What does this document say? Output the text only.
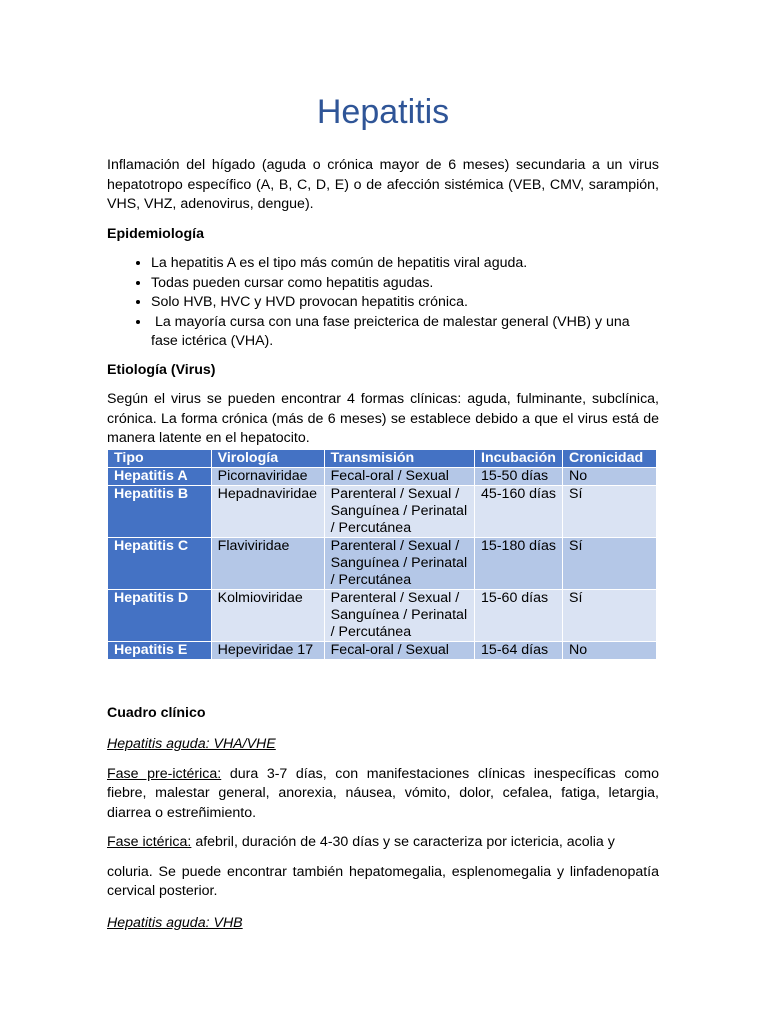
Hepatitis

Inflamación del hígado (aguda o crónica mayor de 6 meses) secundaria a un virus hepatotropo específico (A, B, C, D, E) o de afección sistémica (VEB, CMV, sarampión, VHS, VHZ, adenovirus, dengue).

Epidemiología
• La hepatitis A es el tipo más común de hepatitis viral aguda.
• Todas pueden cursar como hepatitis agudas.
• Solo HVB, HVC y HVD provocan hepatitis crónica.
•  La mayoría cursa con una fase preicterica de malestar general (VHB) y una fase ictérica (VHA).
Etiología (Virus)

Según el virus se pueden encontrar 4 formas clínicas: aguda, fulminante, subclínica, crónica. La forma crónica (más de 6 meses) se establece debido a que el virus está de manera latente en el hepatocito.

Tipo	Virología	Transmisión	Incubación	Cronicidad
Hepatitis A	Picornaviridae	Fecal-oral / Sexual	15-50 días	No
Hepatitis B	Hepadnaviridae	Parenteral / Sexual / Sanguínea / Perinatal / Percutánea	45-160 días	Sí
Hepatitis C	Flaviviridae	Parenteral / Sexual / Sanguínea / Perinatal / Percutánea	15-180 días	Sí
Hepatitis D	Kolmioviridae	Parenteral / Sexual / Sanguínea / Perinatal / Percutánea	15-60 días	Sí
Hepatitis E	Hepeviridae 17	Fecal-oral / Sexual	15-64 días	No
Cuadro clínico

Hepatitis aguda: VHA/VHE

Fase pre-ictérica: dura 3-7 días, con manifestaciones clínicas inespecíficas como fiebre, malestar general, anorexia, náusea, vómito, dolor, cefalea, fatiga, letargia, diarrea o estreñimiento.

Fase ictérica: afebril, duración de 4-30 días y se caracteriza por ictericia, acolia y

coluria. Se puede encontrar también hepatomegalia, esplenomegalia y linfadenopatía cervical posterior.

Hepatitis aguda: VHB
